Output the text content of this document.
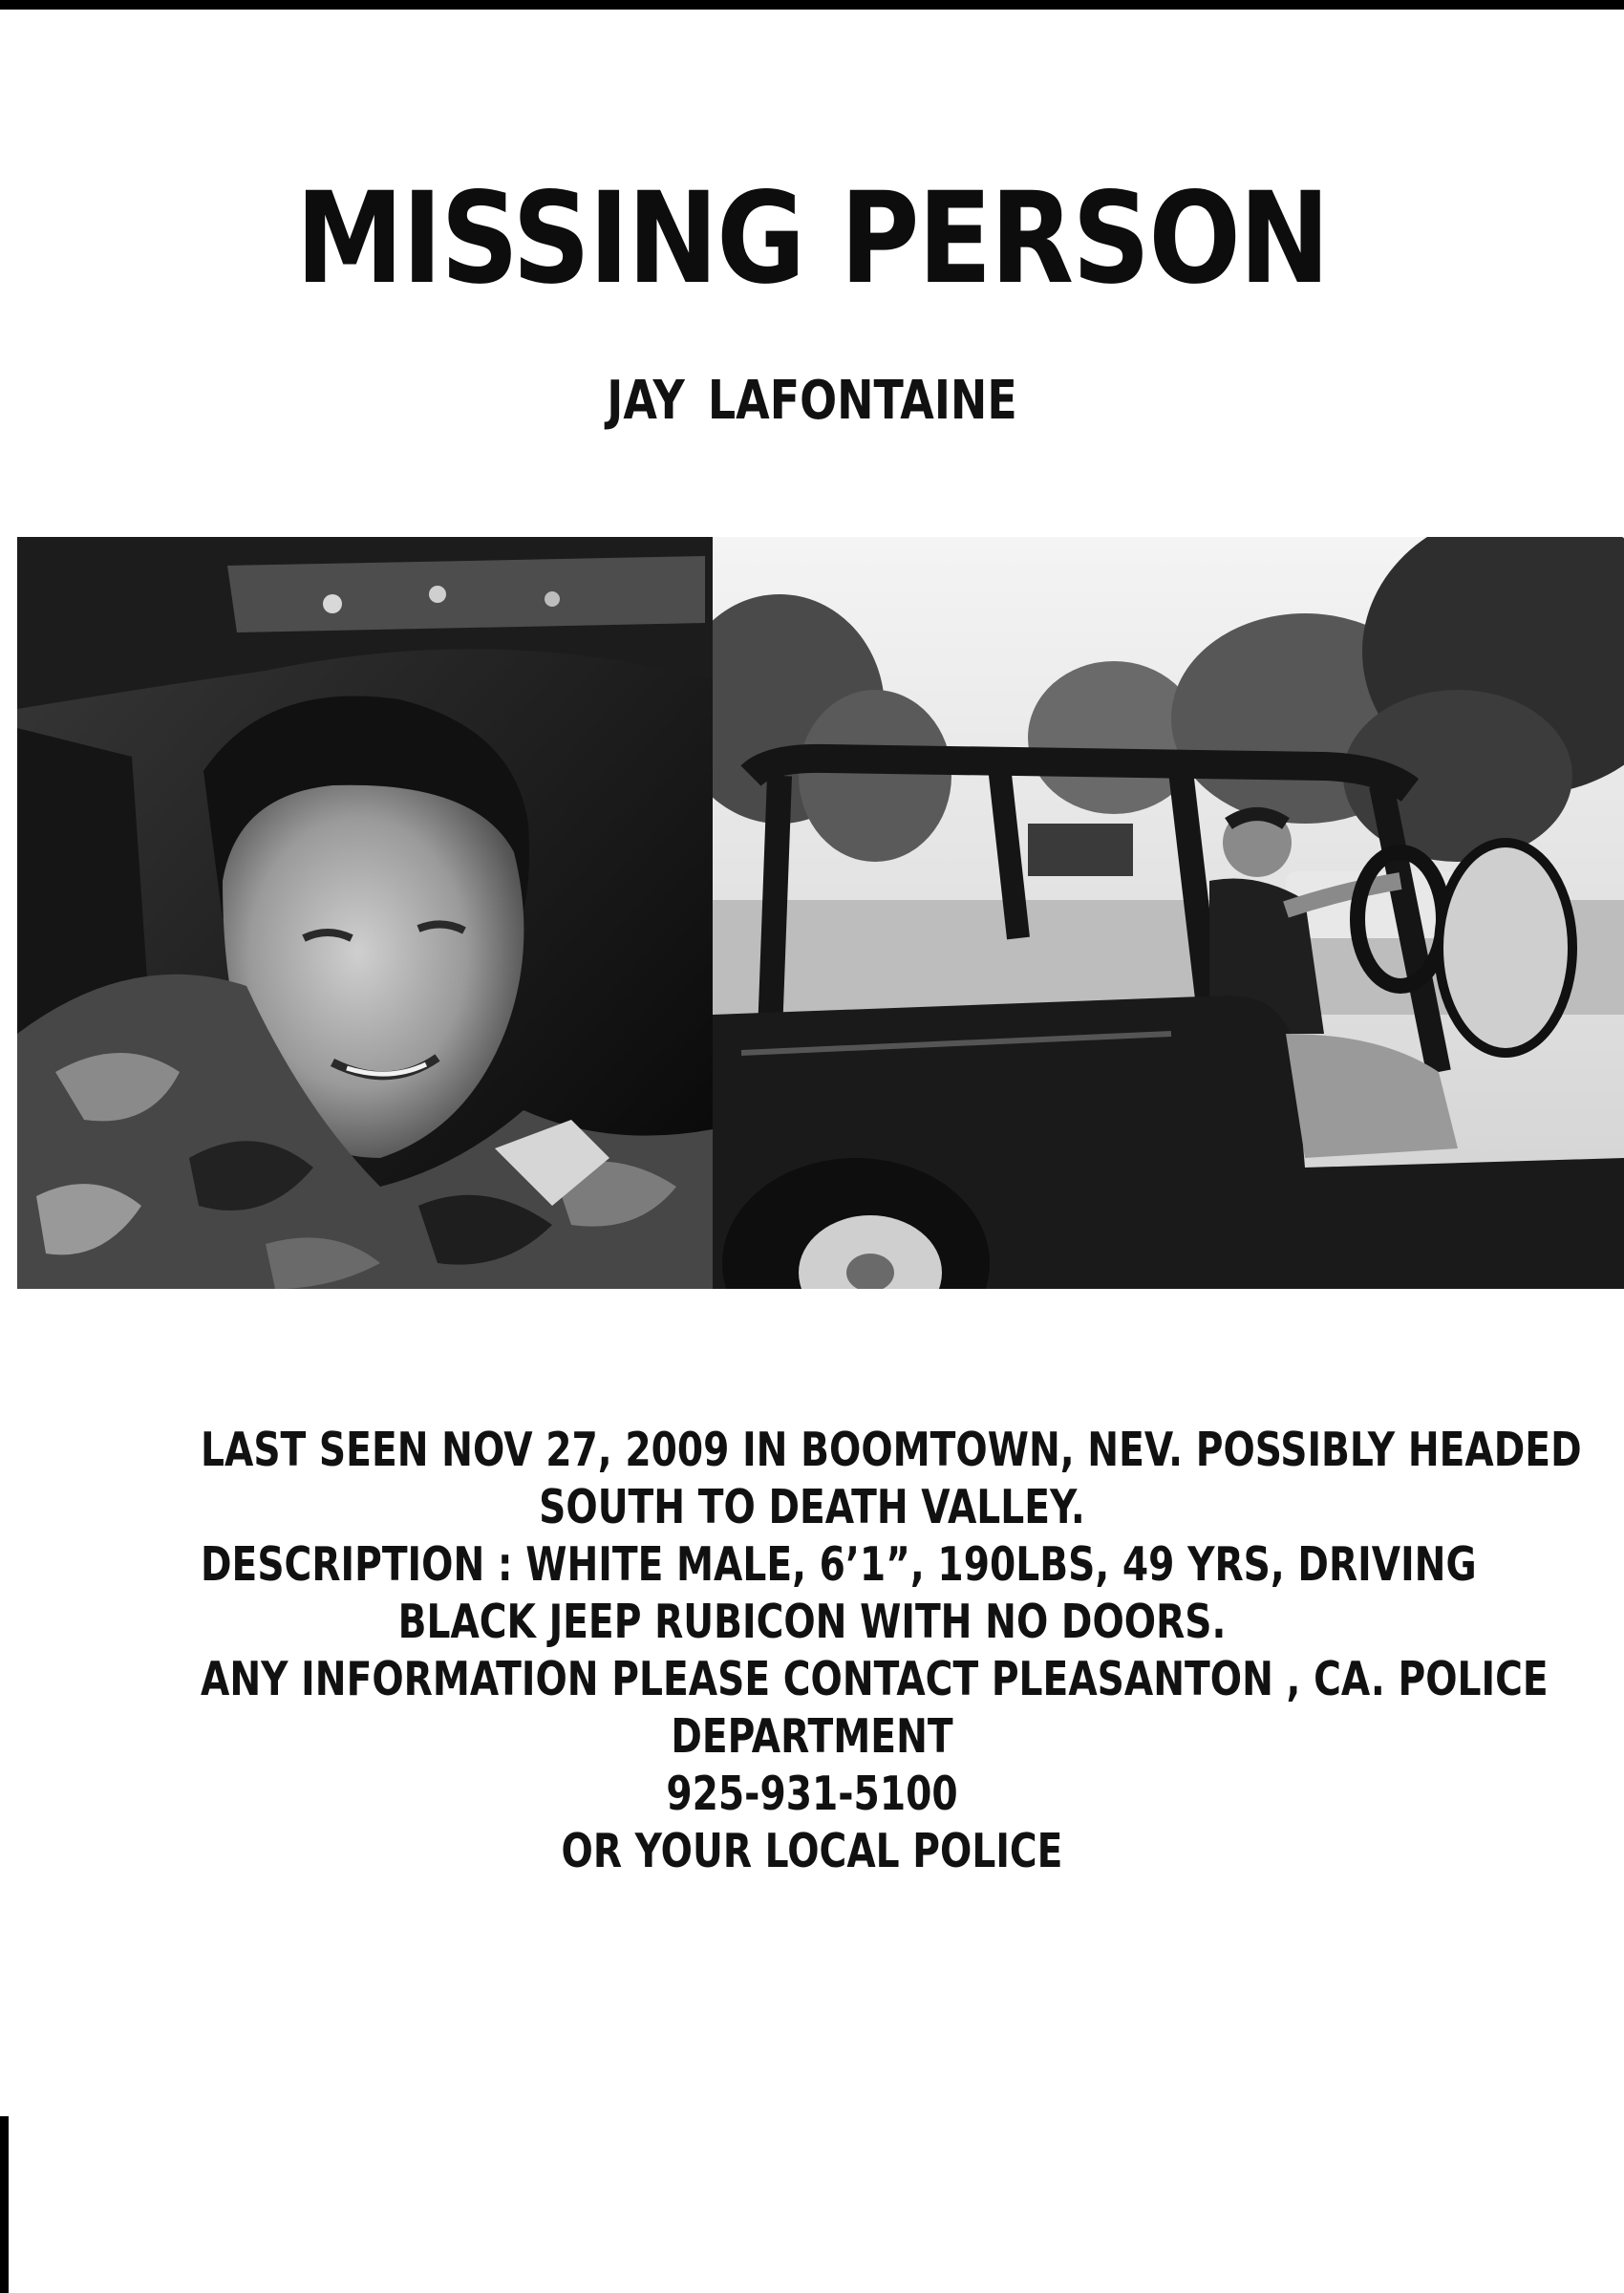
MISSING PERSON
JAY LAFONTAINE
LAST SEEN NOV 27, 2009 IN BOOMTOWN, NEV. POSSIBLY HEADED
SOUTH TO DEATH VALLEY.
DESCRIPTION : WHITE MALE, 6’1”, 190LBS, 49 YRS, DRIVING
BLACK JEEP RUBICON WITH NO DOORS.
ANY INFORMATION PLEASE CONTACT PLEASANTON , CA. POLICE
DEPARTMENT
925-931-5100
OR YOUR LOCAL POLICE
